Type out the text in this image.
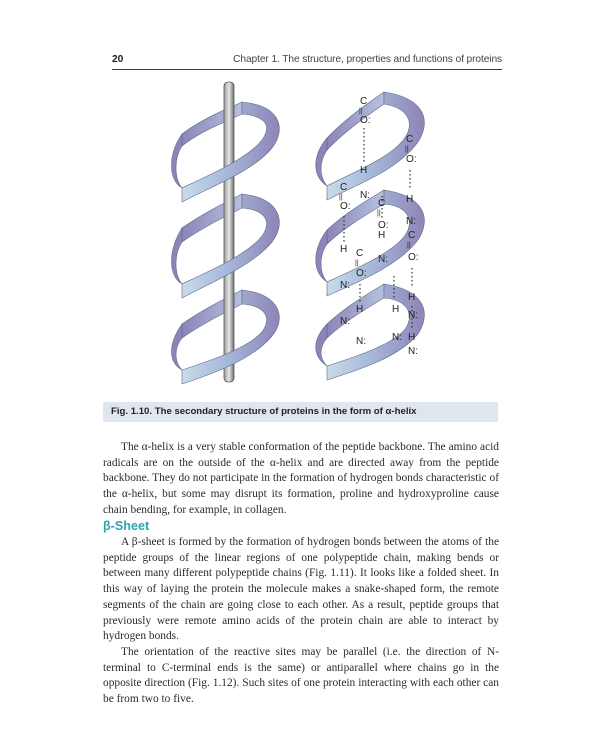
20	Chapter 1. The structure, properties and functions of proteins
C
||
O:
H
N:
C
||
O:
H
N:
C
||
O:
H
N:
C
||
O:
H
N:
C
||
O:
H
N:
C
||
O:
H
N:
H
N: H
N:
N:
Fig. 1.10. The secondary structure of proteins in the form of α-helix

The α-helix is a very stable conformation of the peptide backbone. The amino acid radicals are on the outside of the α-helix and are directed away from the peptide backbone. They do not participate in the formation of hydrogen bonds characteristic of the α-helix, but some may disrupt its formation, proline and hydroxyproline cause chain bending, for example, in collagen.

β-Sheet

A β-sheet is formed by the formation of hydrogen bonds between the atoms of the peptide groups of the linear regions of one polypeptide chain, making bends or between many different polypeptide chains (Fig. 1.11). It looks like a folded sheet. In this way of laying the protein the molecule makes a snake-shaped form, the remote segments of the chain are going close to each other. As a result, peptide groups that previously were remote amino acids of the protein chain are able to interact by hydrogen bonds.

The orientation of the reactive sites may be parallel (i.e. the direction of N-terminal to C-terminal ends is the same) or antiparallel where chains go in the opposite direction (Fig. 1.12). Such sites of one protein interacting with each other can be from two to five.
